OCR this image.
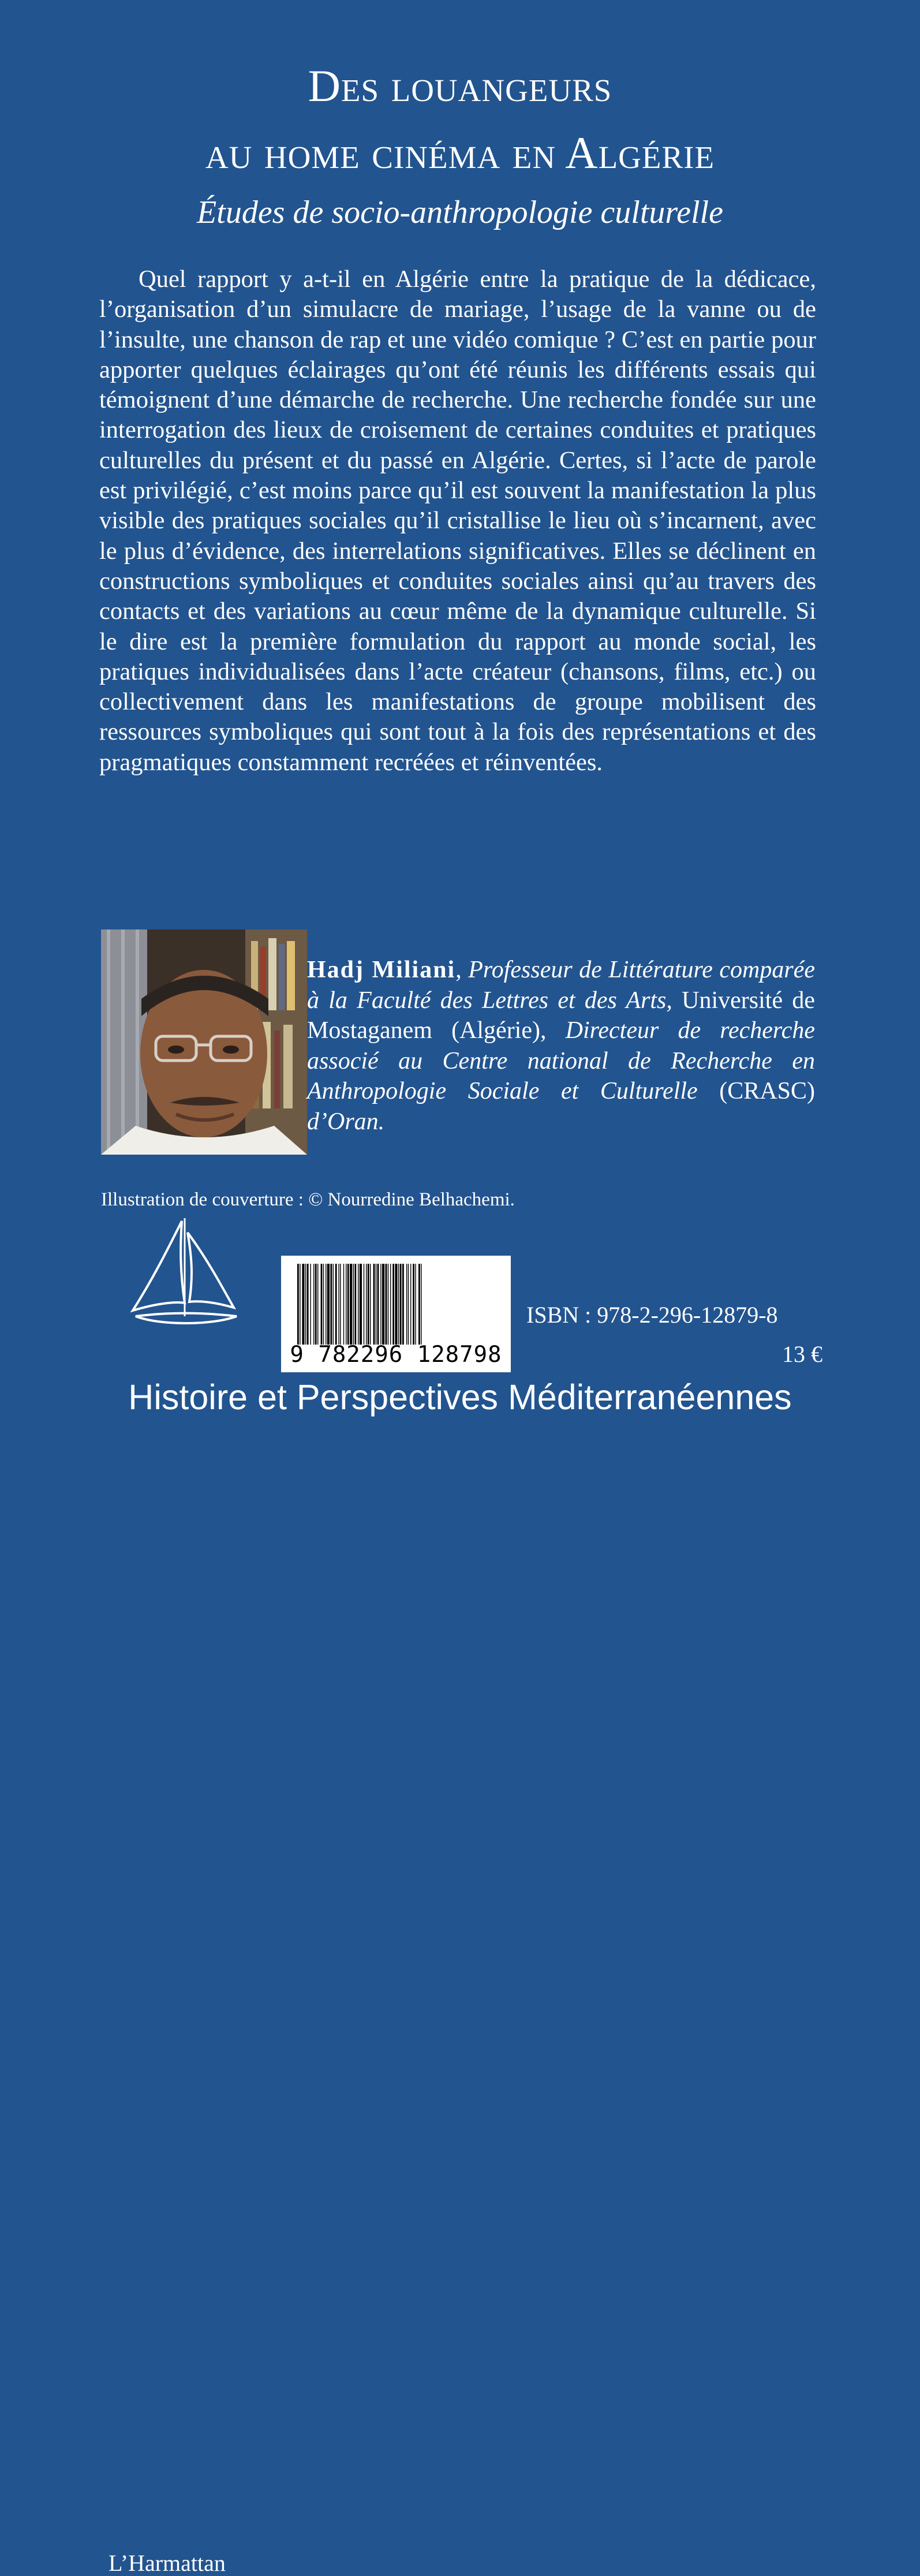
Des louangeurs
au home cinéma en Algérie
Études de socio-anthropologie culturelle
Quel rapport y a-t-il en Algérie entre la pratique de la dédicace, l’organisation d’un simulacre de mariage, l’usage de la vanne ou de l’insulte, une chanson de rap et une vidéo comique ? C’est en partie pour apporter quelques éclairages qu’ont été réunis les différents essais qui témoignent d’une démarche de recherche. Une recherche fondée sur une interrogation des lieux de croisement de certaines conduites et pratiques culturelles du présent et du passé en Algérie. Certes, si l’acte de parole est privilégié, c’est moins parce qu’il est souvent la manifestation la plus visible des pratiques sociales qu’il cristallise le lieu où s’incarnent, avec le plus d’évidence, des interrelations significatives. Elles se déclinent en constructions symboliques et conduites sociales ainsi qu’au travers des contacts et des variations au cœur même de la dynamique culturelle. Si le dire est la première formulation du rapport au monde social, les pratiques individualisées dans l’acte créateur (chansons, films, etc.) ou collectivement dans les manifestations de groupe mobilisent des ressources symboliques qui sont tout à la fois des représentations et des pragmatiques constamment recréées et réinventées.
Hadj Miliani, Professeur de Littérature comparée à la Faculté des Lettres et des Arts, Université de Mostaganem (Algérie), Directeur de recherche associé au Centre national de Recherche en Anthropologie Sociale et Culturelle (CRASC) d’Oran.
Illustration de couverture : © Nourredine Belhachemi.
L’Harmattan
9 782296 128798
ISBN : 978-2-296-12879-8
13 €
Histoire et Perspectives Méditerranéennes
